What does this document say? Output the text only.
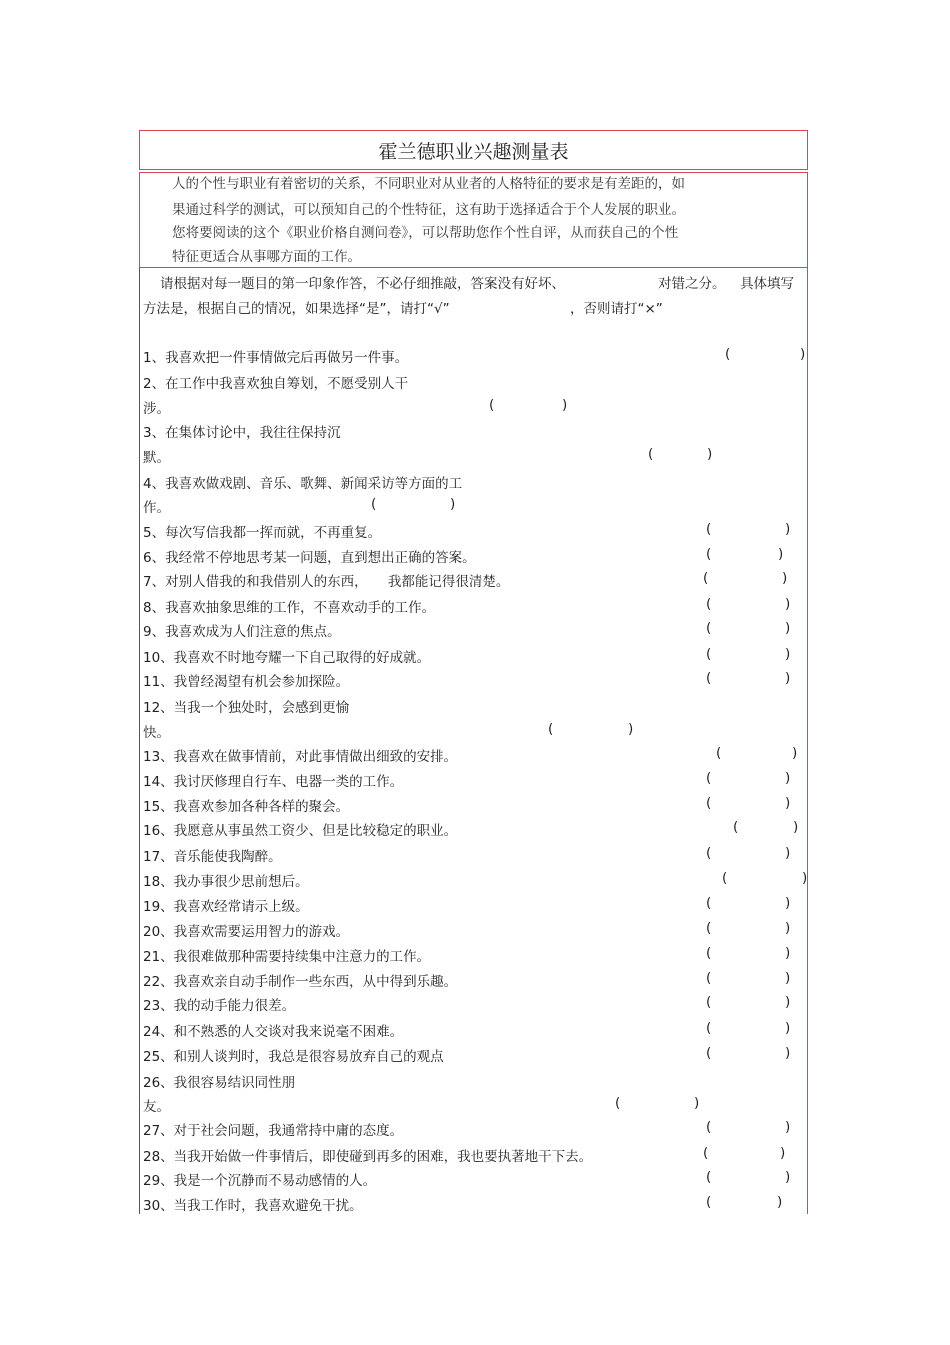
霍兰德职业兴趣测量表
人的个性与职业有着密切的关系，不同职业对从业者的人格特征的要求是有差距的，如
果通过科学的测试，可以预知自己的个性特征，这有助于选择适合于个人发展的职业。
您将要阅读的这个《职业价格自测问卷》，可以帮助您作个性自评，从而获自己的个性
特征更适合从事哪方面的工作。
请根据对每一题目的第一印象作答，不必仔细推敲，答案没有好坏、	对错之分。 具体填写
方法是，根据自己的情况，如果选择“是”，请打“√”	，否则请打“×”
1、我喜欢把一件事情做完后再做另一件事。	(	)
2、在工作中我喜欢独自筹划，不愿受别人干
涉。	(	)
3、在集体讨论中，我往往保持沉
默。	(	)
4、我喜欢做戏剧、音乐、歌舞、新闻采访等方面的工
作。	(	)
5、每次写信我都一挥而就，不再重复。	(	)
6、我经常不停地思考某一问题，直到想出正确的答案。	(	)
7、对别人借我的和我借别人的东西，　　我都能记得很清楚。	(	)
8、我喜欢抽象思维的工作，不喜欢动手的工作。	(	)
9、我喜欢成为人们注意的焦点。	(	)
10、我喜欢不时地夸耀一下自己取得的好成就。	(	)
11、我曾经渴望有机会参加探险。	(	)
12、当我一个独处时，会感到更愉
快。	(	)
13、我喜欢在做事情前，对此事情做出细致的安排。	(	)
14、我讨厌修理自行车、电器一类的工作。	(	)
15、我喜欢参加各种各样的聚会。	(	)
16、我愿意从事虽然工资少、但是比较稳定的职业。	(	)
17、音乐能使我陶醉。	(	)
18、我办事很少思前想后。	(	)
19、我喜欢经常请示上级。	(	)
20、我喜欢需要运用智力的游戏。	(	)
21、我很难做那种需要持续集中注意力的工作。	(	)
22、我喜欢亲自动手制作一些东西，从中得到乐趣。	(	)
23、我的动手能力很差。	(	)
24、和不熟悉的人交谈对我来说毫不困难。	(	)
25、和别人谈判时，我总是很容易放弃自己的观点	(	)
26、我很容易结识同性朋
友。	(	)
27、对于社会问题，我通常持中庸的态度。	(	)
28、当我开始做一件事情后，即使碰到再多的困难，我也要执著地干下去。	(	)
29、我是一个沉静而不易动感情的人。	(	)
30、当我工作时，我喜欢避免干扰。	(	)
